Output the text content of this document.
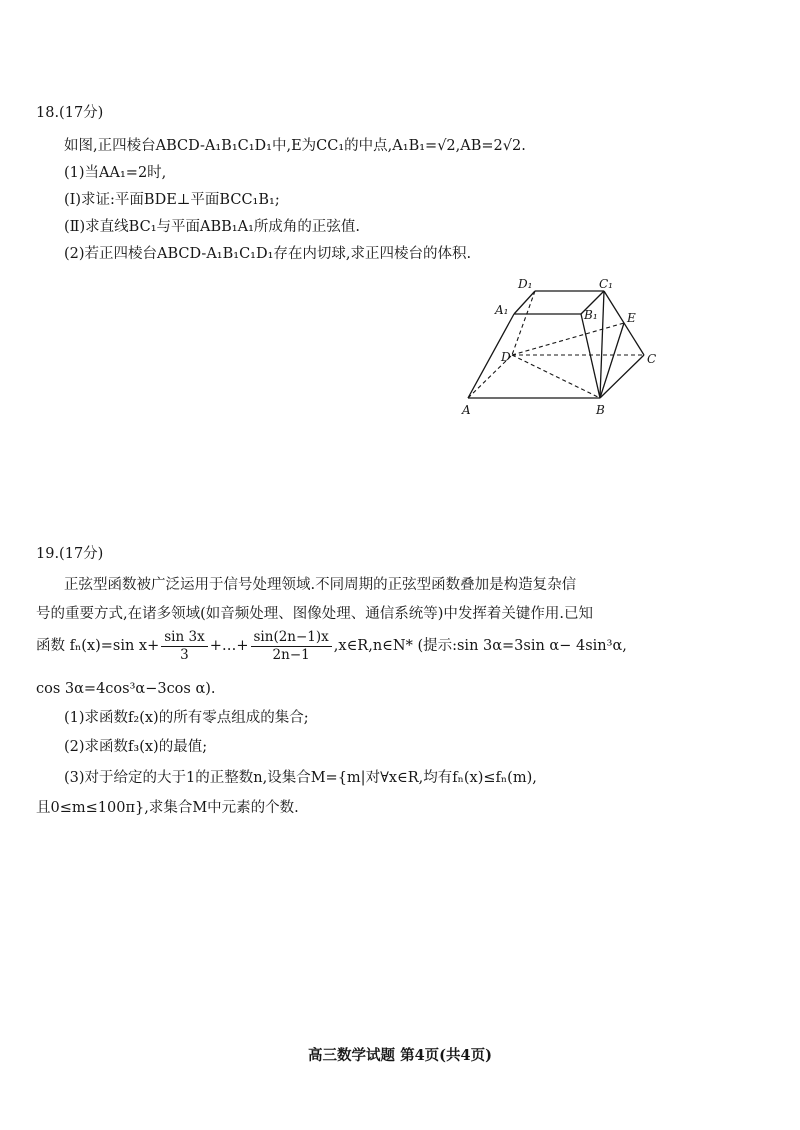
18.(17分)
如图,正四棱台ABCD-A₁B₁C₁D₁中,E为CC₁的中点,A₁B₁=√2,AB=2√2.
(1)当AA₁=2时,
(Ⅰ)求证:平面BDE⊥平面BCC₁B₁;
(Ⅱ)求直线BC₁与平面ABB₁A₁所成角的正弦值.
(2)若正四棱台ABCD-A₁B₁C₁D₁存在内切球,求正四棱台的体积.
D₁	C₁
A₁	B₁ E
D	C
A	B
19.(17分)
正弦型函数被广泛运用于信号处理领域.不同周期的正弦型函数叠加是构造复杂信
号的重要方式,在诸多领域(如音频处理、图像处理、通信系统等)中发挥着关键作用.已知
函数 fₙ(x)=sin $x+ \frac{\sin 3x}{3}$ +…+ $\frac{\sin(2n-1)x}{2n-1}$ ,x∈R,n∈N* (提示:sin 3α=3sin α− 4sin³α,
cos 3α=4cos³α−3cos α).
(1)求函数f₂(x)的所有零点组成的集合;
(2)求函数f₃(x)的最值;
(3)对于给定的大于1的正整数n,设集合M={m|对∀x∈R,均有fₙ(x)≤fₙ(m),
且0≤m≤100π},求集合M中元素的个数.
高三数学试题 第4页(共4页)
